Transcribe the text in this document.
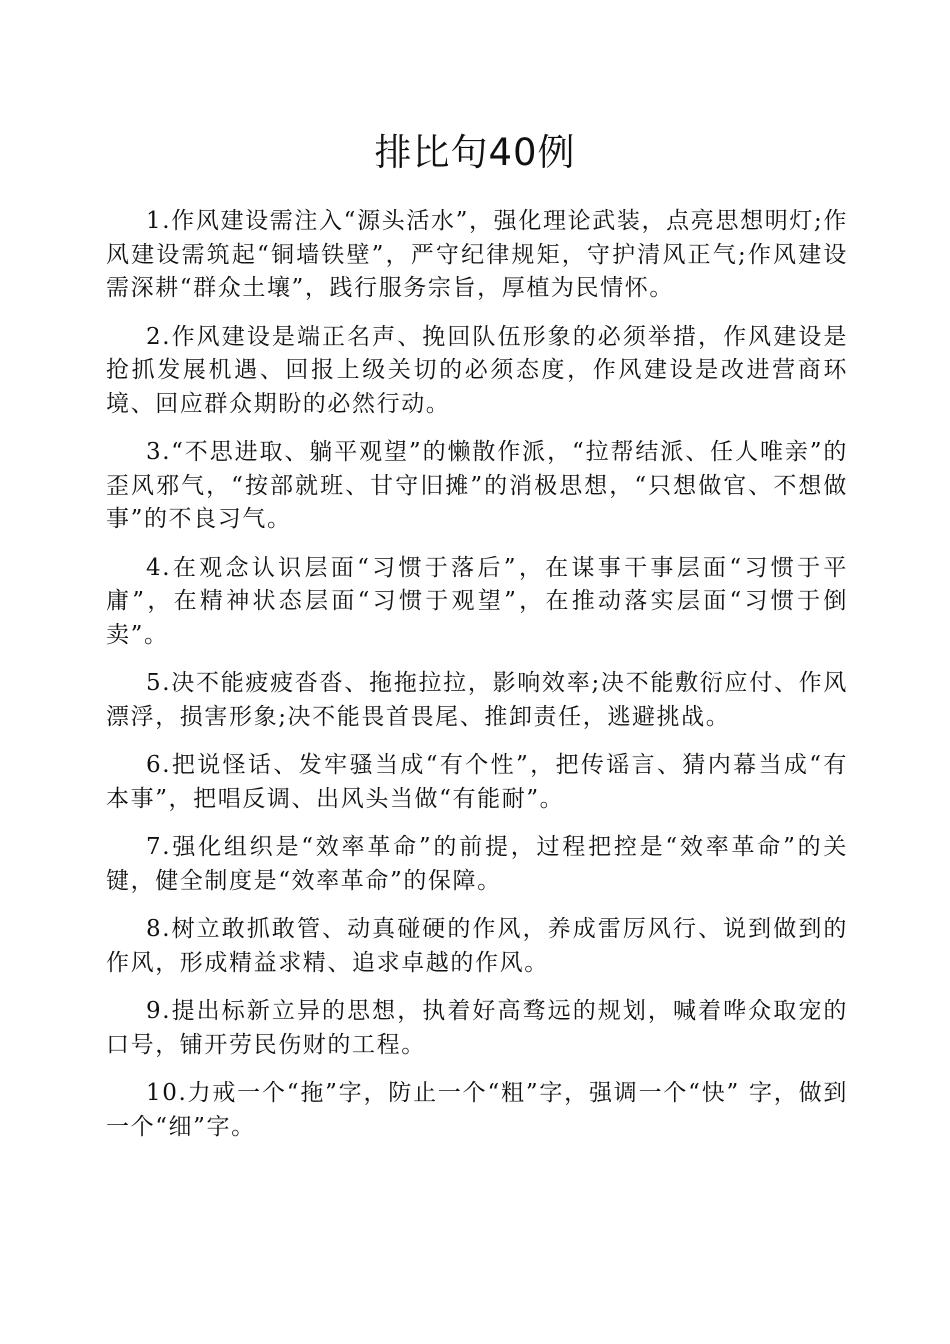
排比句40例

1.作风建设需注入“源头活水”，强化理论武装，点亮思想明灯;作风建设需筑起“铜墙铁壁”，严守纪律规矩，守护清风正气;作风建设需深耕“群众土壤”，践行服务宗旨，厚植为民情怀。

2.作风建设是端正名声、挽回队伍形象的必须举措，作风建设是抢抓发展机遇、回报上级关切的必须态度，作风建设是改进营商环境、回应群众期盼的必然行动。

3.“不思进取、躺平观望”的懒散作派，“拉帮结派、任人唯亲”的歪风邪气，“按部就班、甘守旧摊”的消极思想，“只想做官、不想做事”的不良习气。

4.在观念认识层面“习惯于落后”，在谋事干事层面“习惯于平庸”，在精神状态层面“习惯于观望”，在推动落实层面“习惯于倒卖”。

5.决不能疲疲沓沓、拖拖拉拉，影响效率;决不能敷衍应付、作风漂浮，损害形象;决不能畏首畏尾、推卸责任，逃避挑战。

6.把说怪话、发牢骚当成“有个性”，把传谣言、猜内幕当成“有本事”，把唱反调、出风头当做“有能耐”。

7.强化组织是“效率革命”的前提，过程把控是“效率革命”的关键，健全制度是“效率革命”的保障。

8.树立敢抓敢管、动真碰硬的作风，养成雷厉风行、说到做到的作风，形成精益求精、追求卓越的作风。

9.提出标新立异的思想，执着好高骛远的规划，喊着哗众取宠的口号，铺开劳民伤财的工程。

10.力戒一个“拖”字，防止一个“粗”字，强调一个“快” 字，做到一个“细”字。
